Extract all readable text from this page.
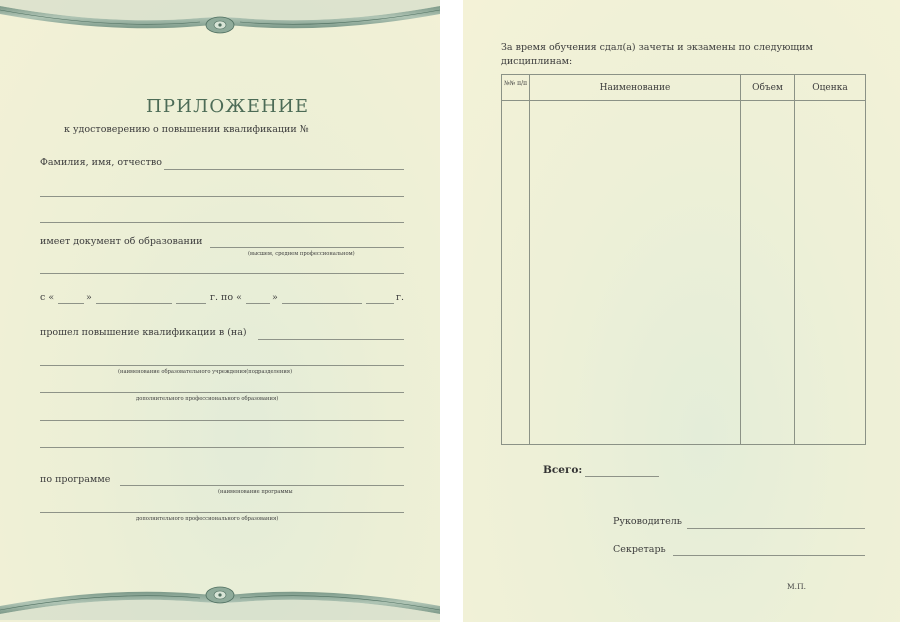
ПРИЛОЖЕНИЕ
к удостоверению о повышении квалификации №
Фамилия, имя, отчество
имеет документ об образовании
(высшем, среднем профессиональном)
с «	»	г. по «	»	г.
прошел повышение квалификации в (на)
(наименование образовательного учреждения(подразделения)
дополнительного профессионального образования)
по программе
(наименование программы
дополнительного профессионального образования)
За время обучения сдал(а) зачеты и экзамены по следующим
дисциплинам:
№№ п/п	Наименование	Объем	Оценка
Всего:
Руководитель
Секретарь
М.П.
